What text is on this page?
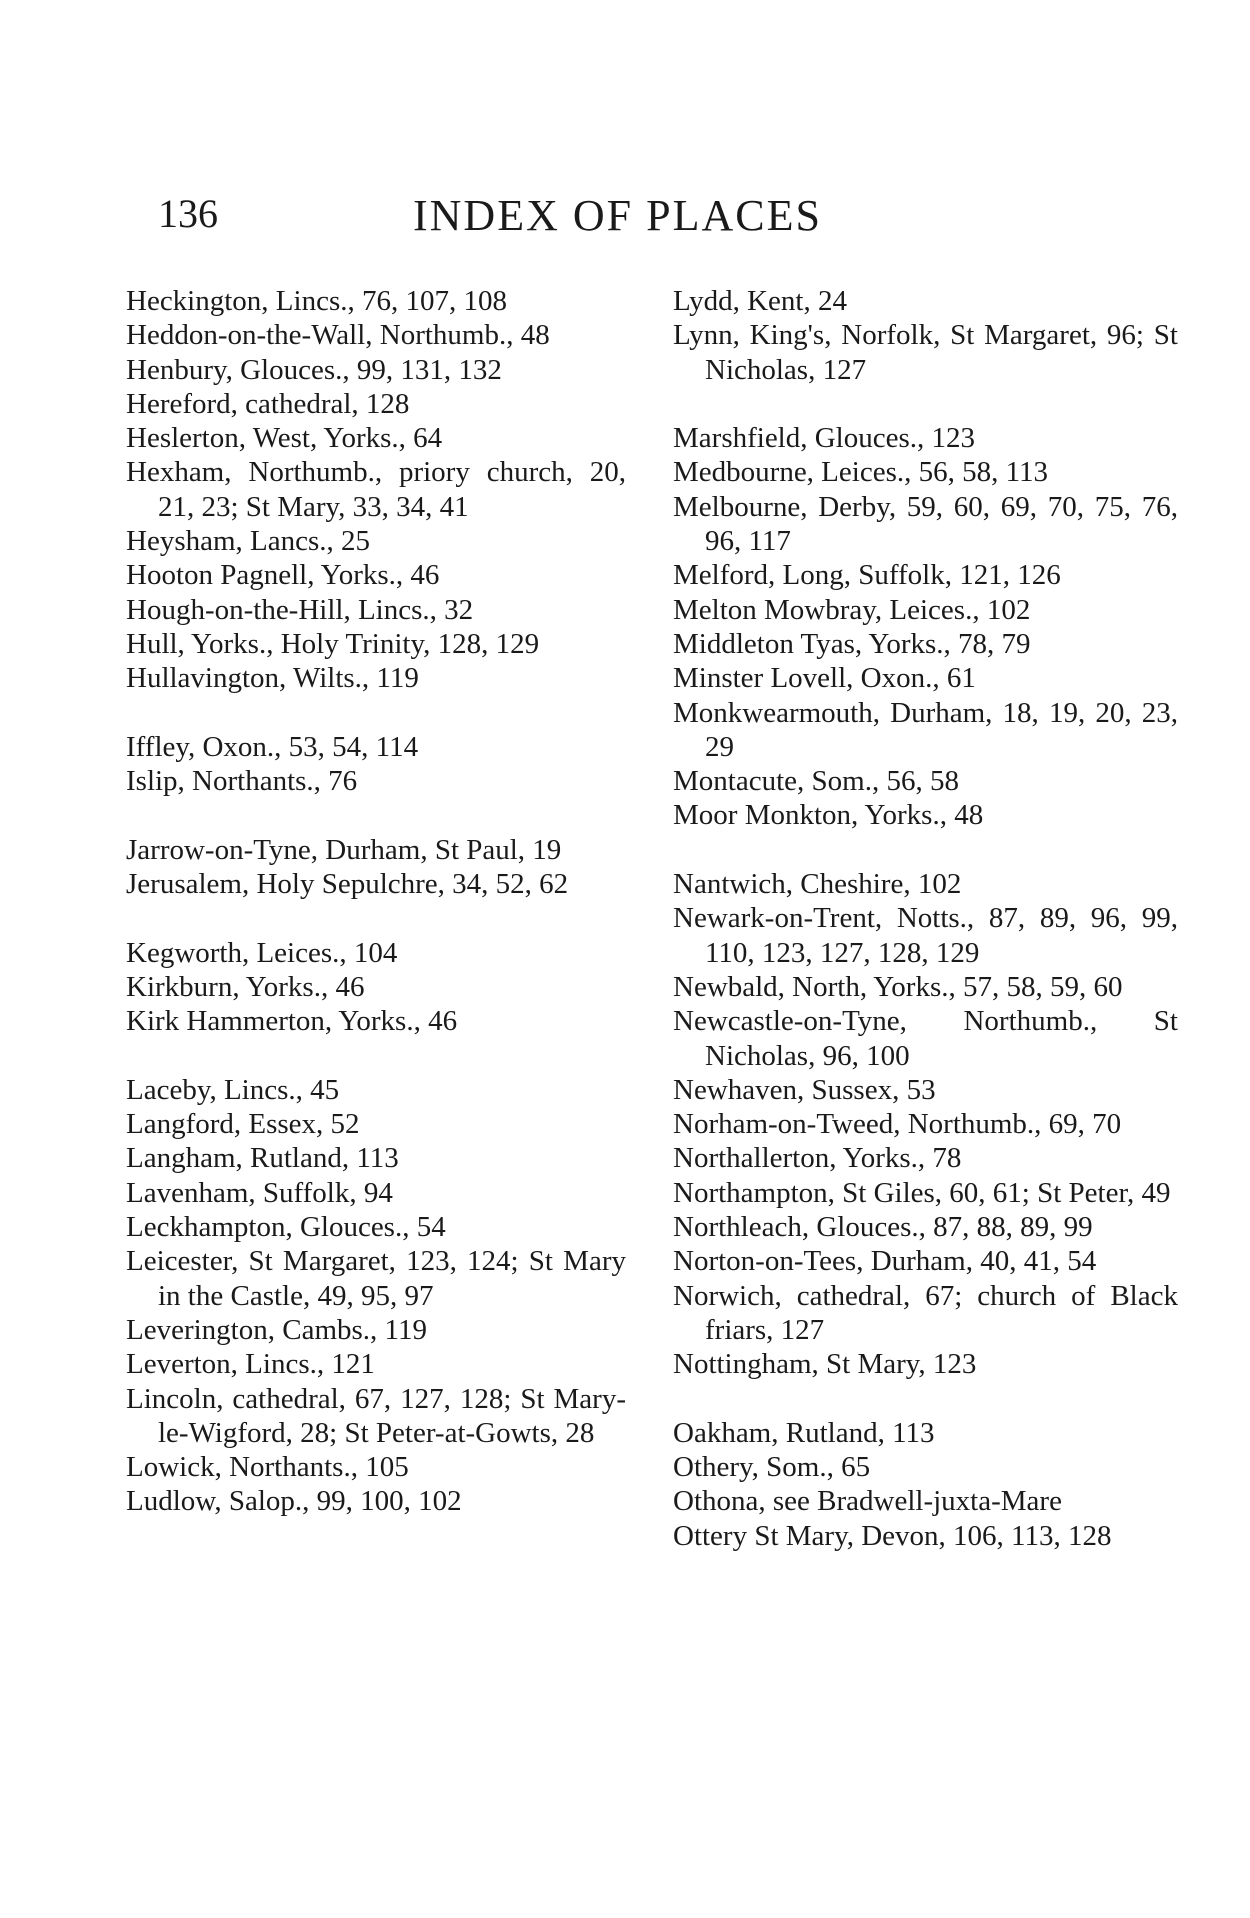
136	INDEX OF PLACES
Heckington, Lincs., 76, 107, 108
Heddon-on-the-Wall, Northumb., 48
Henbury, Glouces., 99, 131, 132
Hereford, cathedral, 128
Heslerton, West, Yorks., 64
Hexham, Northumb., priory church, 20, 21, 23; St Mary, 33, 34, 41
Heysham, Lancs., 25
Hooton Pagnell, Yorks., 46
Hough-on-the-Hill, Lincs., 32
Hull, Yorks., Holy Trinity, 128, 129
Hullavington, Wilts., 119
Iffley, Oxon., 53, 54, 114
Islip, Northants., 76
Jarrow-on-Tyne, Durham, St Paul, 19
Jerusalem, Holy Sepulchre, 34, 52, 62
Kegworth, Leices., 104
Kirkburn, Yorks., 46
Kirk Hammerton, Yorks., 46
Laceby, Lincs., 45
Langford, Essex, 52
Langham, Rutland, 113
Lavenham, Suffolk, 94
Leckhampton, Glouces., 54
Leicester, St Margaret, 123, 124; St Mary in the Castle, 49, 95, 97
Leverington, Cambs., 119
Leverton, Lincs., 121
Lincoln, cathedral, 67, 127, 128; St Mary-le-Wigford, 28; St Peter-at-Gowts, 28
Lowick, Northants., 105
Ludlow, Salop., 99, 100, 102
Lydd, Kent, 24
Lynn, King's, Norfolk, St Margaret, 96; St Nicholas, 127
Marshfield, Glouces., 123
Medbourne, Leices., 56, 58, 113
Melbourne, Derby, 59, 60, 69, 70, 75, 76, 96, 117
Melford, Long, Suffolk, 121, 126
Melton Mowbray, Leices., 102
Middleton Tyas, Yorks., 78, 79
Minster Lovell, Oxon., 61
Monkwearmouth, Durham, 18, 19, 20, 23, 29
Montacute, Som., 56, 58
Moor Monkton, Yorks., 48
Nantwich, Cheshire, 102
Newark-on-Trent, Notts., 87, 89, 96, 99, 110, 123, 127, 128, 129
Newbald, North, Yorks., 57, 58, 59, 60
Newcastle-on-Tyne, Northumb., St Nicholas, 96, 100
Newhaven, Sussex, 53
Norham-on-Tweed, Northumb., 69, 70
Northallerton, Yorks., 78
Northampton, St Giles, 60, 61; St Peter, 49
Northleach, Glouces., 87, 88, 89, 99
Norton-on-Tees, Durham, 40, 41, 54
Norwich, cathedral, 67; church of Black friars, 127
Nottingham, St Mary, 123
Oakham, Rutland, 113
Othery, Som., 65
Othona, see Bradwell-juxta-Mare
Ottery St Mary, Devon, 106, 113, 128
